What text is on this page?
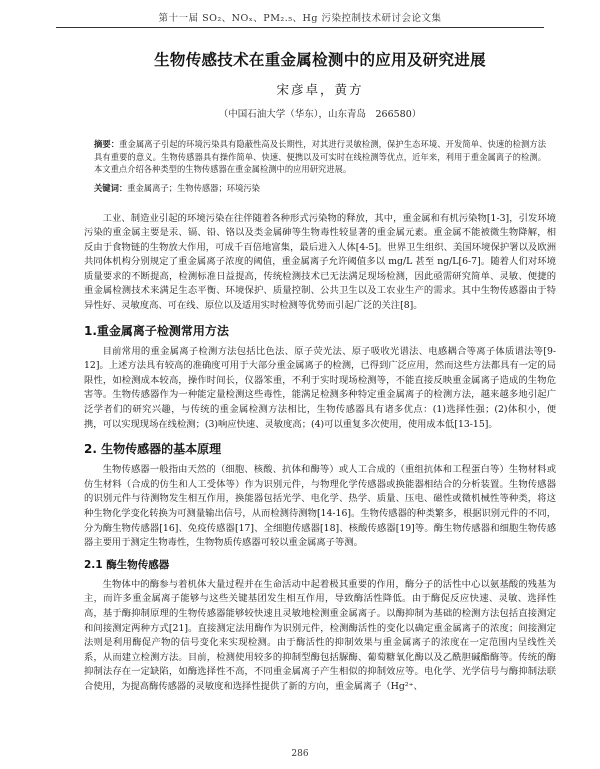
第十一届 SO₂、NOₓ、PM₂.₅、Hg 污染控制技术研讨会论文集
生物传感技术在重金属检测中的应用及研究进展
宋彦卓，黄方
（中国石油大学（华东），山东青岛　266580）

摘要：重金属离子引起的环境污染具有隐蔽性高及长期性，对其进行灵敏检测，保护生态环境、开发简单、快速的检测方法具有重要的意义。生物传感器具有操作简单、快速、便携以及可实时在线检测等优点，近年来，利用于重金属离子的检测。本文重点介绍各种类型的生物传感器在重金属检测中的应用研究进展。

关键词：重金属离子；生物传感器；环境污染

工业、制造业引起的环境污染在往伴随着各种形式污染物的释放，其中，重金属和有机污染物[1-3]，引发环境污染的重金属主要是汞、镉、铅、铬以及类金属砷等生物毒性较显著的重金属元素。重金属不能被微生物降解，相反由于食物链的生物放大作用，可成千百倍地富集，最后进入人体[4-5]。世界卫生组织、美国环境保护署以及欧洲共同体机构分别规定了重金属离子浓度的阈值，重金属离子允许阈值多以 mg/L 甚至 ng/L[6-7]。随着人们对环境质量要求的不断提高，检测标准日益提高，传统检测技术已无法满足现场检测，因此亟需研究简单、灵敏、便捷的重金属检测技术来满足生态平衡、环境保护、质量控制、公共卫生以及工农业生产的需求。其中生物传感器由于特异性好、灵敏度高、可在线、原位以及适用实时检测等优势而引起广泛的关注[8]。

1.重金属离子检测常用方法

目前常用的重金属离子检测方法包括比色法、原子荧光法、原子吸收光谱法、电感耦合等离子体质谱法等[9-12]。上述方法具有较高的准确度可用于大部分重金属离子的检测，已得到广泛应用，然而这些方法都具有一定的局限性，如检测成本较高，操作时间长，仪器笨重，不利于实时现场检测等，不能直接反映重金属离子造成的生物危害等。生物传感器作为一种能定量检测这些毒性，能满足检测多种特定重金属离子的检测方法，越来越多地引起广泛学者们的研究兴趣，与传统的重金属检测方法相比，生物传感器具有诸多优点：(1)选择性强；(2)体积小，便携，可以实现现场在线检测；(3)响应快速、灵敏度高；(4)可以重复多次使用，使用成本低[13-15]。

2. 生物传感器的基本原理

生物传感器一般指由天然的（细胞、核酸、抗体和酶等）或人工合成的（重组抗体和工程蛋白等）生物材料或仿生材料（合成的仿生和人工受体等）作为识别元件，与物理化学传感器或换能器相结合的分析装置。生物传感器的识别元件与待测物发生相互作用，换能器包括光学、电化学、热学、质量、压电、磁性或微机械性等种类，将这种生物化学变化转换为可测量输出信号，从而检测待测物[14-16]。生物传感器的种类繁多，根据识别元件的不同，分为酶生物传感器[16]、免疫传感器[17]、全细胞传感器[18]、核酸传感器[19]等。酶生物传感器和细胞生物传感器主要用于测定生物毒性，生物物质传感器可较以重金属离子等测。

2.1 酶生物传感器

生物体中的酶参与着机体大量过程并在生命活动中起着极其重要的作用，酶分子的活性中心以氨基酸的残基为主，而许多重金属离子能够与这些关键基团发生相互作用，导致酶活性降低。由于酶促反应快速、灵敏、选择性高，基于酶抑制原理的生物传感器能够较快速且灵敏地检测重金属离子。以酶抑制为基础的检测方法包括直接测定和间接测定两种方式[21]。直接测定法用酶作为识别元件，检测酶活性的变化以确定重金属离子的浓度；间接测定法则是利用酶促产物的信号变化来实现检测。由于酶活性的抑制效果与重金属离子的浓度在一定范围内呈线性关系，从而建立检测方法。目前，检测使用较多的抑制型酶包括脲酶、葡萄糖氧化酶以及乙酰胆碱酯酶等。传统的酶抑制法存在一定缺陷，如酶选择性不高，不同重金属离子产生相似的抑制效应等。电化学、光学信号与酶抑制法联合使用，为提高酶传感器的灵敏度和选择性提供了新的方向，重金属离子（Hg²⁺、

286
